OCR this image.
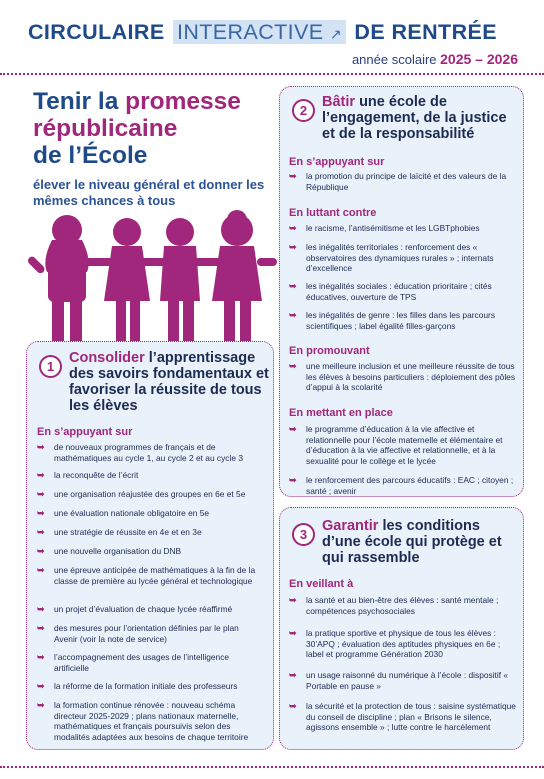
CIRCULAIRE INTERACTIVE ↗ DE RENTRÉE
année scolaire 2025 – 2026
Tenir la promesse républicaine
de l’École
élever le niveau général et donner les mêmes chances à tous
1
Consolider l’apprentissage des savoirs fondamentaux et favoriser la réussite de tous les élèves
En s’appuyant sur
➥ de nouveaux programmes de français et de mathématiques au cycle 1, au cycle 2 et au cycle 3
➥ la reconquête de l’écrit
➥ une organisation réajustée des groupes en 6e et 5e
➥ une évaluation nationale obligatoire en 5e
➥ une stratégie de réussite en 4e et en 3e
➥ une nouvelle organisation du DNB
➥ une épreuve anticipée de mathématiques à la fin de la classe de première au lycée général et technologique
➥ un projet d’évaluation de chaque lycée réaffirmé
➥ des mesures pour l’orientation définies par le plan Avenir (voir la note de service)
➥ l’accompagnement des usages de l’intelligence artificielle
➥ la réforme de la formation initiale des professeurs
➥ la formation continue rénovée : nouveau schéma directeur 2025-2029 ; plans nationaux maternelle, mathématiques et français poursuivis selon des modalités adaptées aux besoins de chaque territoire
2
Bâtir une école de l’engagement, de la justice et de la responsabilité
En s’appuyant sur
➥ la promotion du principe de laïcité et des valeurs de la République
En luttant contre
➥ le racisme, l’antisémitisme et les LGBTphobies
➥ les inégalités territoriales : renforcement des « observatoires des dynamiques rurales » ; internats d’excellence
➥ les inégalités sociales : éducation prioritaire ; cités éducatives, ouverture de TPS
➥ les inégalités de genre : les filles dans les parcours scientifiques ; label égalité filles-garçons
En promouvant
➥ une meilleure inclusion et une meilleure réussite de tous les élèves à besoins particuliers : déploiement des pôles d’appui à la scolarité
En mettant en place
➥ le programme d’éducation à la vie affective et relationnelle pour l’école maternelle et élémentaire et d’éducation à la vie affective et relationnelle, et à la sexualité pour le collège et le lycée
➥ le renforcement des parcours éducatifs : EAC ; citoyen ; santé ; avenir
3
Garantir les conditions d’une école qui protège et qui rassemble
En veillant à
➥ la santé et au bien-être des élèves : santé mentale ; compétences psychosociales
➥ la pratique sportive et physique de tous les élèves : 30’APQ ; évaluation des aptitudes physiques en 6e ; label et programme Génération 2030
➥ un usage raisonné du numérique à l’école : dispositif « Portable en pause »
➥ la sécurité et la protection de tous : saisine systématique du conseil de discipline ; plan « Brisons le silence, agissons ensemble » ; lutte contre le harcèlement
